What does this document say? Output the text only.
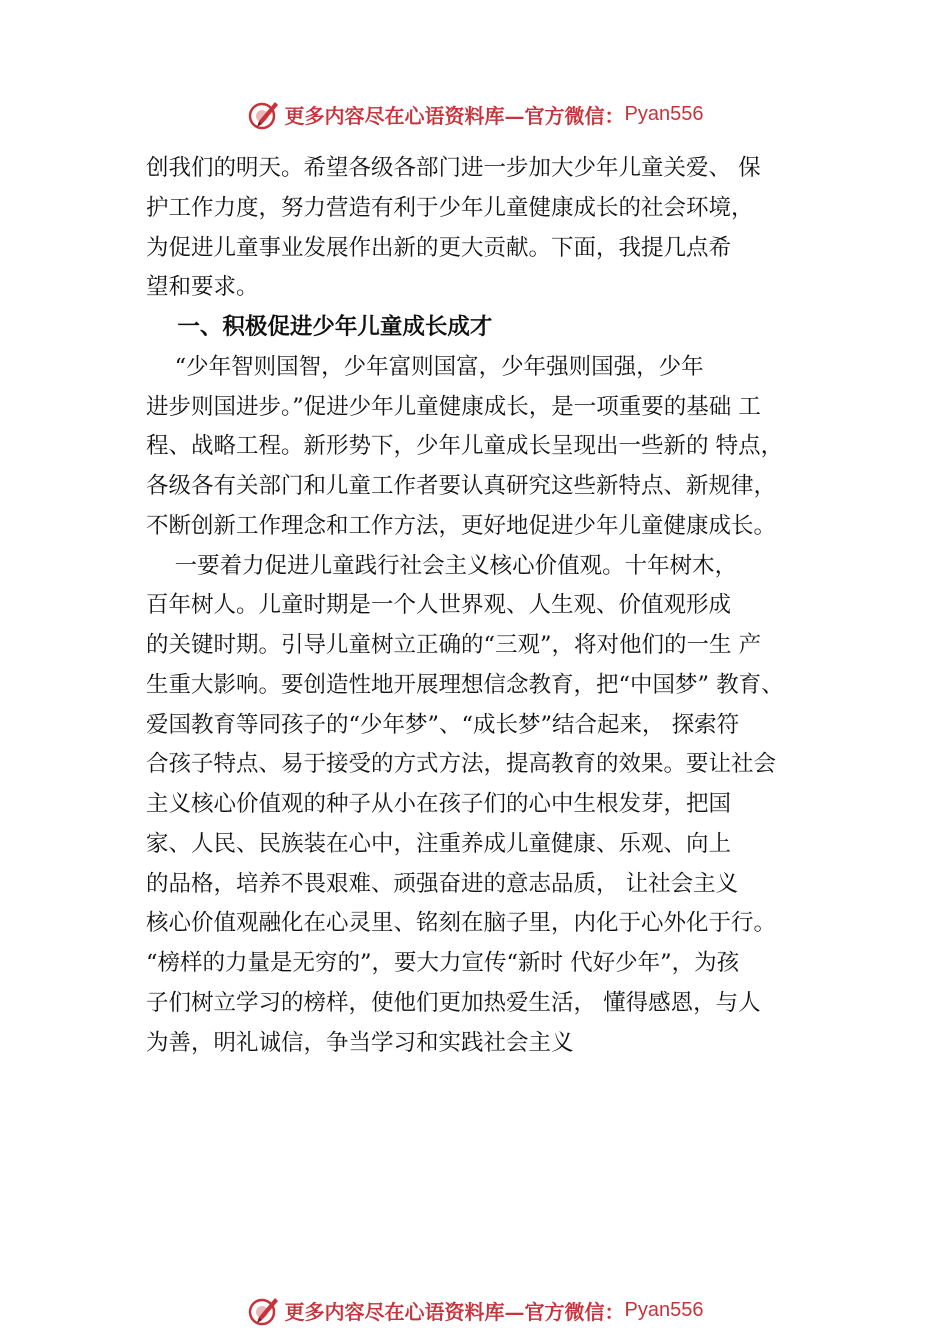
更多内容尽在心语资料库—官方微信： Pyan556
创我们的明天。希望各级各部门进一步加大少年儿童关爱、 保
护工作力度，努力营造有利于少年儿童健康成长的社会环境，
为促进儿童事业发展作出新的更大贡献。下面，我提几点希
望和要求。
一、积极促进少年儿童成长成才
“少年智则国智，少年富则国富，少年强则国强，少年
进步则国进步。”促进少年儿童健康成长，是一项重要的基础 工
程、战略工程。新形势下，少年儿童成长呈现出一些新的 特点，
各级各有关部门和儿童工作者要认真研究这些新特点、新规律，
不断创新工作理念和工作方法，更好地促进少年儿童健康成长。
一要着力促进儿童践行社会主义核心价值观。十年树木，
百年树人。儿童时期是一个人世界观、人生观、价值观形成
的关键时期。引导儿童树立正确的“三观”，将对他们的一生 产
生重大影响。要创造性地开展理想信念教育，把“中国梦” 教育、
爱国教育等同孩子的“少年梦”、“成长梦”结合起来， 探索符
合孩子特点、易于接受的方式方法，提高教育的效果。要让社会
主义核心价值观的种子从小在孩子们的心中生根发芽，把国
家、人民、民族装在心中，注重养成儿童健康、乐观、向上
的品格，培养不畏艰难、顽强奋进的意志品质， 让社会主义
核心价值观融化在心灵里、铭刻在脑子里，内化于心外化于行。
“榜样的力量是无穷的”，要大力宣传“新时 代好少年”，为孩
子们树立学习的榜样，使他们更加热爱生活， 懂得感恩，与人
为善，明礼诚信，争当学习和实践社会主义
更多内容尽在心语资料库—官方微信： Pyan556
